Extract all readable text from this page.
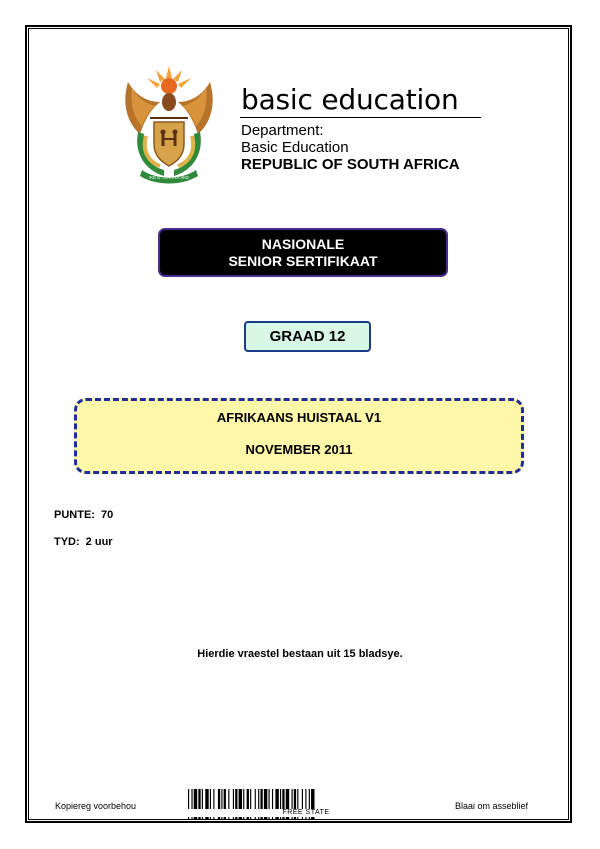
!KE E: /XARRA //KE
basic education
Department:
Basic Education
REPUBLIC OF SOUTH AFRICA
NASIONALE
SENIOR SERTIFIKAAT
GRAAD 12
AFRIKAANS HUISTAAL V1
NOVEMBER 2011
PUNTE: 70
TYD: 2 uur
Hierdie vraestel bestaan uit 15 bladsye.
Kopiereg voorbehou
FREE STATE
Blaai om asseblief
